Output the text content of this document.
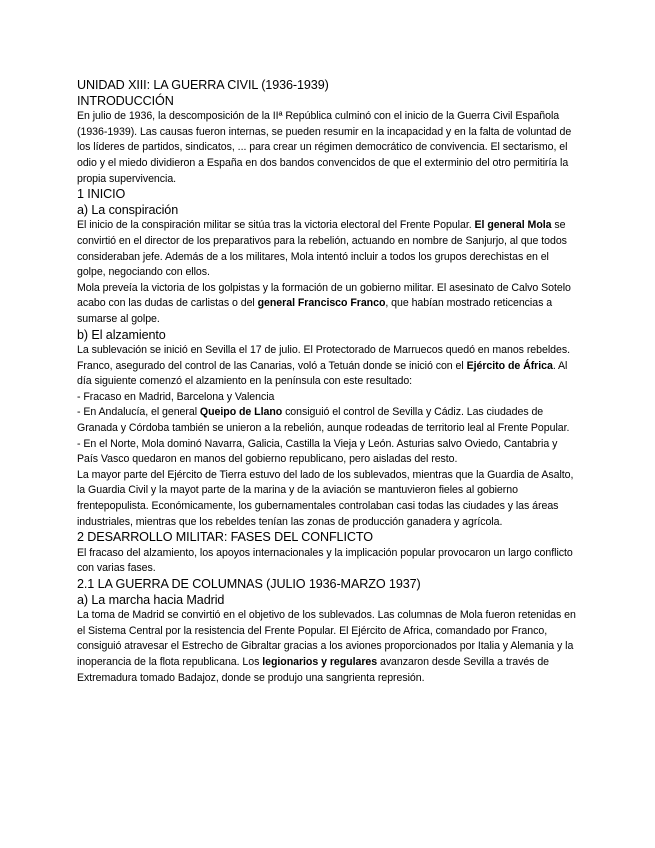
UNIDAD XIII: LA GUERRA CIVIL (1936-1939)
INTRODUCCIÓN

En julio de 1936, la descomposición de la IIª República culminó con el inicio de la Guerra Civil Española (1936-1939). Las causas fueron internas, se pueden resumir en la incapacidad y en la falta de voluntad de los líderes de partidos, sindicatos, ... para crear un régimen democrático de convivencia. El sectarismo, el odio y el miedo dividieron a España en dos bandos convencidos de que el exterminio del otro permitiría la propia supervivencia.

1 INICIO
a) La conspiración

El inicio de la conspiración militar se sitúa tras la victoria electoral del Frente Popular. El general Mola se convirtió en el director de los preparativos para la rebelión, actuando en nombre de Sanjurjo, al que todos consideraban jefe. Además de a los militares, Mola intentó incluir a todos los grupos derechistas en el golpe, negociando con ellos.

Mola preveía la victoria de los golpistas y la formación de un gobierno militar. El asesinato de Calvo Sotelo acabo con las dudas de carlistas o del general Francisco Franco, que habían mostrado reticencias a sumarse al golpe.

b) El alzamiento

La sublevación se inició en Sevilla el 17 de julio. El Protectorado de Marruecos quedó en manos rebeldes. Franco, asegurado del control de las Canarias, voló a Tetuán donde se inició con el Ejército de África. Al día siguiente comenzó el alzamiento en la península con este resultado:

- Fracaso en Madrid, Barcelona y Valencia

- En Andalucía, el general Queipo de Llano consiguió el control de Sevilla y Cádiz. Las ciudades de Granada y Córdoba también se unieron a la rebelión, aunque rodeadas de territorio leal al Frente Popular.

- En el Norte, Mola dominó Navarra, Galicia, Castilla la Vieja y León. Asturias salvo Oviedo, Cantabria y País Vasco quedaron en manos del gobierno republicano, pero aisladas del resto.

La mayor parte del Ejército de Tierra estuvo del lado de los sublevados, mientras que la Guardia de Asalto, la Guardia Civil y la mayot parte de la marina y de la aviación se mantuvieron fieles al gobierno frentepopulista. Económicamente, los gubernamentales controlaban casi todas las ciudades y las áreas industriales, mientras que los rebeldes tenían las zonas de producción ganadera y agrícola.

2 DESARROLLO MILITAR: FASES DEL CONFLICTO

El fracaso del alzamiento, los apoyos internacionales y la implicación popular provocaron un largo conflicto con varias fases.

2.1 LA GUERRA DE COLUMNAS (JULIO 1936-MARZO 1937)
a) La marcha hacia Madrid

La toma de Madrid se convirtió en el objetivo de los sublevados. Las columnas de Mola fueron retenidas en el Sistema Central por la resistencia del Frente Popular. El Ejército de Africa, comandado por Franco, consiguió atravesar el Estrecho de Gibraltar gracias a los aviones proporcionados por Italia y Alemania y la inoperancia de la flota republicana. Los legionarios y regulares avanzaron desde Sevilla a través de Extremadura tomado Badajoz, donde se produjo una sangrienta represión.
